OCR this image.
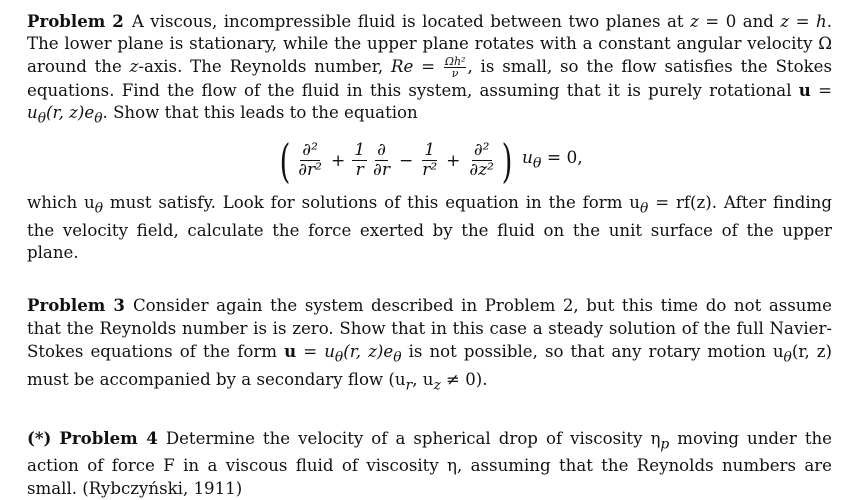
Problem 2 A viscous, incompressible fluid is located between two planes at z = 0 and z = h. The lower plane is stationary, while the upper plane rotates with a constant angular velocity Ω around the z-axis. The Reynolds number, $Re = \frac{\text{Ωh²}}{\nu}$ , is small, so the flow satisfies the Stokes equations. Find the flow of the fluid in this system, assuming that it is purely rotational $u = u_\theta(r$, $z)e_\theta$. Show that this leads to the equation

( ∂²
$\partial r^2 + \frac{1}{r}$ ∂
$\partial r - \frac{1}{\text{r²}}$ +
∂²
∂z² ) $u_\theta = 0$,

which $u_\theta$ must satisfy. Look for solutions of this equation in the form $u_\theta = rf(z)$. After finding the velocity field, calculate the force exerted by the fluid on the unit surface of the upper plane.

Problem 3 Consider again the system described in Problem 2, but this time do not assume that the Reynolds number is is zero. Show that in this case a steady solution of the full Navier-Stokes equations of the form $u = u_\theta(r$, $z)e_\theta$ is not possible, so that any rotary motion $u_\theta(r$, z) must be accompanied by a secondary flow ($u_r$, $u_z \ne 0$).

(*) Problem 4 Determine the velocity of a spherical drop of viscosity $\eta_p$ moving under the action of force F in a viscous fluid of viscosity η, assuming that the Reynolds numbers are small. (Rybczyński, 1911)
